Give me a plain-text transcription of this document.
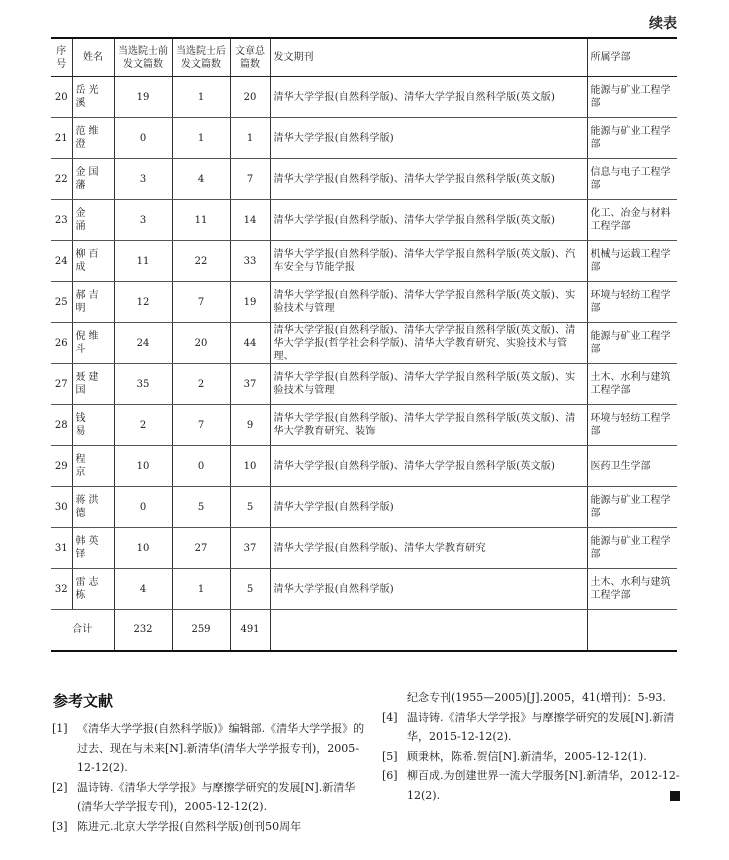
续表
序号	姓名	当选院士前发文篇数	当选院士后发文篇数	文章总篇数	发文期刊	所属学部
20	岳光溪	19	1	20	清华大学学报(自然科学版)、清华大学学报自然科学版(英文版)	能源与矿业工程学部
21	范维澄	0	1	1	清华大学学报(自然科学版)	能源与矿业工程学部
22	金国藩	3	4	7	清华大学学报(自然科学版)、清华大学学报自然科学版(英文版)	信息与电子工程学部
23	金　涌	3	11	14	清华大学学报(自然科学版)、清华大学学报自然科学版(英文版)	化工、冶金与材料工程学部
24	柳百成	11	22	33	清华大学学报(自然科学版)、清华大学学报自然科学版(英文版)、汽车安全与节能学报	机械与运载工程学部
25	郝吉明	12	7	19	清华大学学报(自然科学版)、清华大学学报自然科学版(英文版)、实验技术与管理	环境与轻纺工程学部
26	倪维斗	24	20	44	清华大学学报(自然科学版)、清华大学学报自然科学版(英文版)、清华大学学报(哲学社会科学版)、清华大学教育研究、实验技术与管理、	能源与矿业工程学部
27	聂建国	35	2	37	清华大学学报(自然科学版)、清华大学学报自然科学版(英文版)、实验技术与管理	土木、水利与建筑工程学部
28	钱　易	2	7	9	清华大学学报(自然科学版)、清华大学学报自然科学版(英文版)、清华大学教育研究、装饰	环境与轻纺工程学部
29	程　京	10	0	10	清华大学学报(自然科学版)、清华大学学报自然科学版(英文版)	医药卫生学部
30	蒋洪德	0	5	5	清华大学学报(自然科学版)	能源与矿业工程学部
31	韩英铎	10	27	37	清华大学学报(自然科学版)、清华大学教育研究	能源与矿业工程学部
32	雷志栋	4	1	5	清华大学学报(自然科学版)	土木、水利与建筑工程学部
合计		232	259	491		
参考文献
[1] 《清华大学学报(自然科学版)》编辑部.《清华大学学报》的过去、现在与未来[N].新清华(清华大学学报专刊)，2005-12-12(2).
[2] 温诗铸.《清华大学学报》与摩擦学研究的发展[N].新清华(清华大学学报专刊)，2005-12-12(2).
[3] 陈进元.北京大学学报(自然科学版)创刊50周年
纪念专刊(1955—2005)[J].2005，41(增刊)：5-93.
[4] 温诗铸.《清华大学学报》与摩擦学研究的发展[N].新清华，2015-12-12(2).
[5] 顾秉林，陈希.贺信[N].新清华，2005-12-12(1).
[6] 柳百成.为创建世界一流大学服务[N].新清华，2012-12-12(2).
